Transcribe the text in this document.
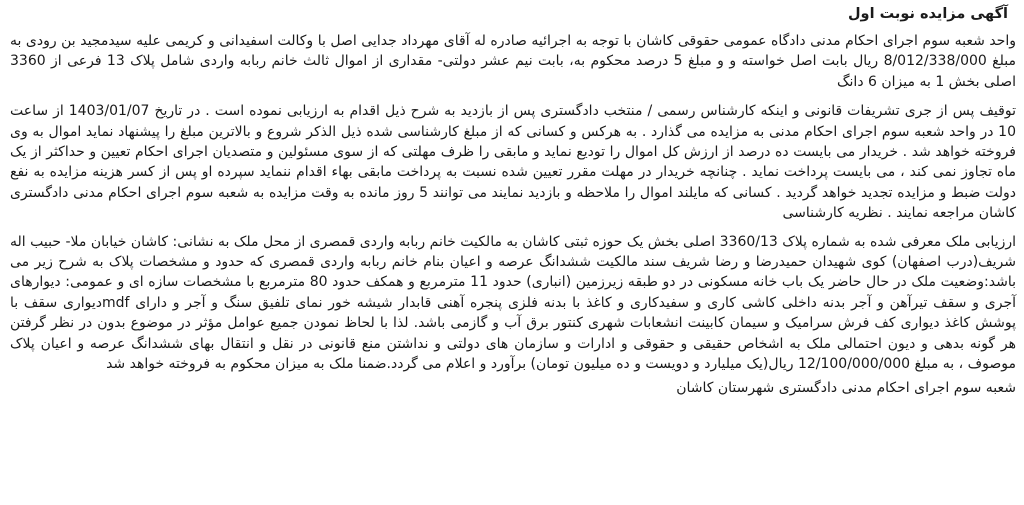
آگهی مزایده نوبت اول

واحد شعبه سوم اجرای احکام مدنی دادگاه عمومی حقوقی کاشان با توجه به اجرائیه صادره له آقای مهرداد جدایی اصل با وکالت اسفیدانی و کریمی علیه سیدمجید بن رودی به مبلغ 8/012/338/000 ریال بابت اصل خواسته و و مبلغ 5 درصد محکوم به، بابت نیم عشر دولتی- مقداری از اموال ثالث خانم ربابه واردی شامل پلاک 13 فرعی از 3360 اصلی بخش 1 به میزان 6 دانگ

توقیف پس از جری تشریفات قانونی و اینکه کارشناس رسمی / منتخب دادگستری پس از بازدید به شرح ذیل اقدام به ارزیابی نموده است . در تاریخ 1403/01/07 از ساعت 10 در واحد شعبه سوم اجرای احکام مدنی به مزایده می گذارد . به هرکس و کسانی که از مبلغ کارشناسی شده ذیل الذکر شروع و بالاترین مبلغ را پیشنهاد نماید اموال به وی فروخته خواهد شد . خریدار می بایست ده درصد از ارزش کل اموال را تودیع نماید و مابقی را ظرف مهلتی که از سوی مسئولین و متصدیان اجرای احکام تعیین و حداکثر از یک ماه تجاوز نمی کند ، می بایست پرداخت نماید . چنانچه خریدار در مهلت مقرر تعیین شده نسبت به پرداخت مابقی بهاء اقدام ننماید سپرده او پس از کسر هزینه مزایده به نفع دولت ضبط و مزایده تجدید خواهد گردید . کسانی که مایلند اموال را ملاحظه و بازدید نمایند می توانند 5 روز مانده به وقت مزایده به شعبه سوم اجرای احکام مدنی دادگستری کاشان مراجعه نمایند . نظریه کارشناسی

ارزیابی ملک معرفی شده به شماره پلاک 3360/13 اصلی بخش یک حوزه ثبتی کاشان به مالکیت خانم ربابه واردی قمصری از محل ملک به نشانی: کاشان خیابان ملا- حبیب اله شریف(درب اصفهان) کوی شهیدان حمیدرضا و رضا شریف سند مالکیت ششدانگ عرصه و اعیان بنام خانم ربابه واردی قمصری که حدود و مشخصات پلاک به شرح زیر می باشد:وضعیت ملک در حال حاضر یک باب خانه مسکونی در دو طبقه زیرزمین (انباری) حدود 11 مترمربع و همکف حدود 80 مترمربع با مشخصات سازه ای و عمومی: دیوارهای آجری و سقف تیرآهن و آجر بدنه داخلی کاشی کاری و سفیدکاری و کاغذ با بدنه فلزی پنجره آهنی قابدار شیشه خور نمای تلفیق سنگ و آجر و دارای mdfدیواری سقف با پوشش کاغذ دیواری کف فرش سرامیک و سیمان کابینت انشعابات شهری کنتور برق آب و گازمی باشد. لذا با لحاظ نمودن جمیع عوامل مؤثر در موضوع بدون در نظر گرفتن هر گونه بدهی و دیون احتمالی ملک به اشخاص حقیقی و حقوقی و ادارات و سازمان های دولتی و نداشتن منع قانونی در نقل و انتقال بهای ششدانگ عرصه و اعیان پلاک موصوف ، به مبلغ 12/100/000/000 ریال(یک میلیارد و دویست و ده میلیون تومان) برآورد و اعلام می گردد.ضمنا ملک به میزان محکوم به فروخته خواهد شد

شعبه سوم اجرای احکام مدنی دادگستری شهرستان کاشان
